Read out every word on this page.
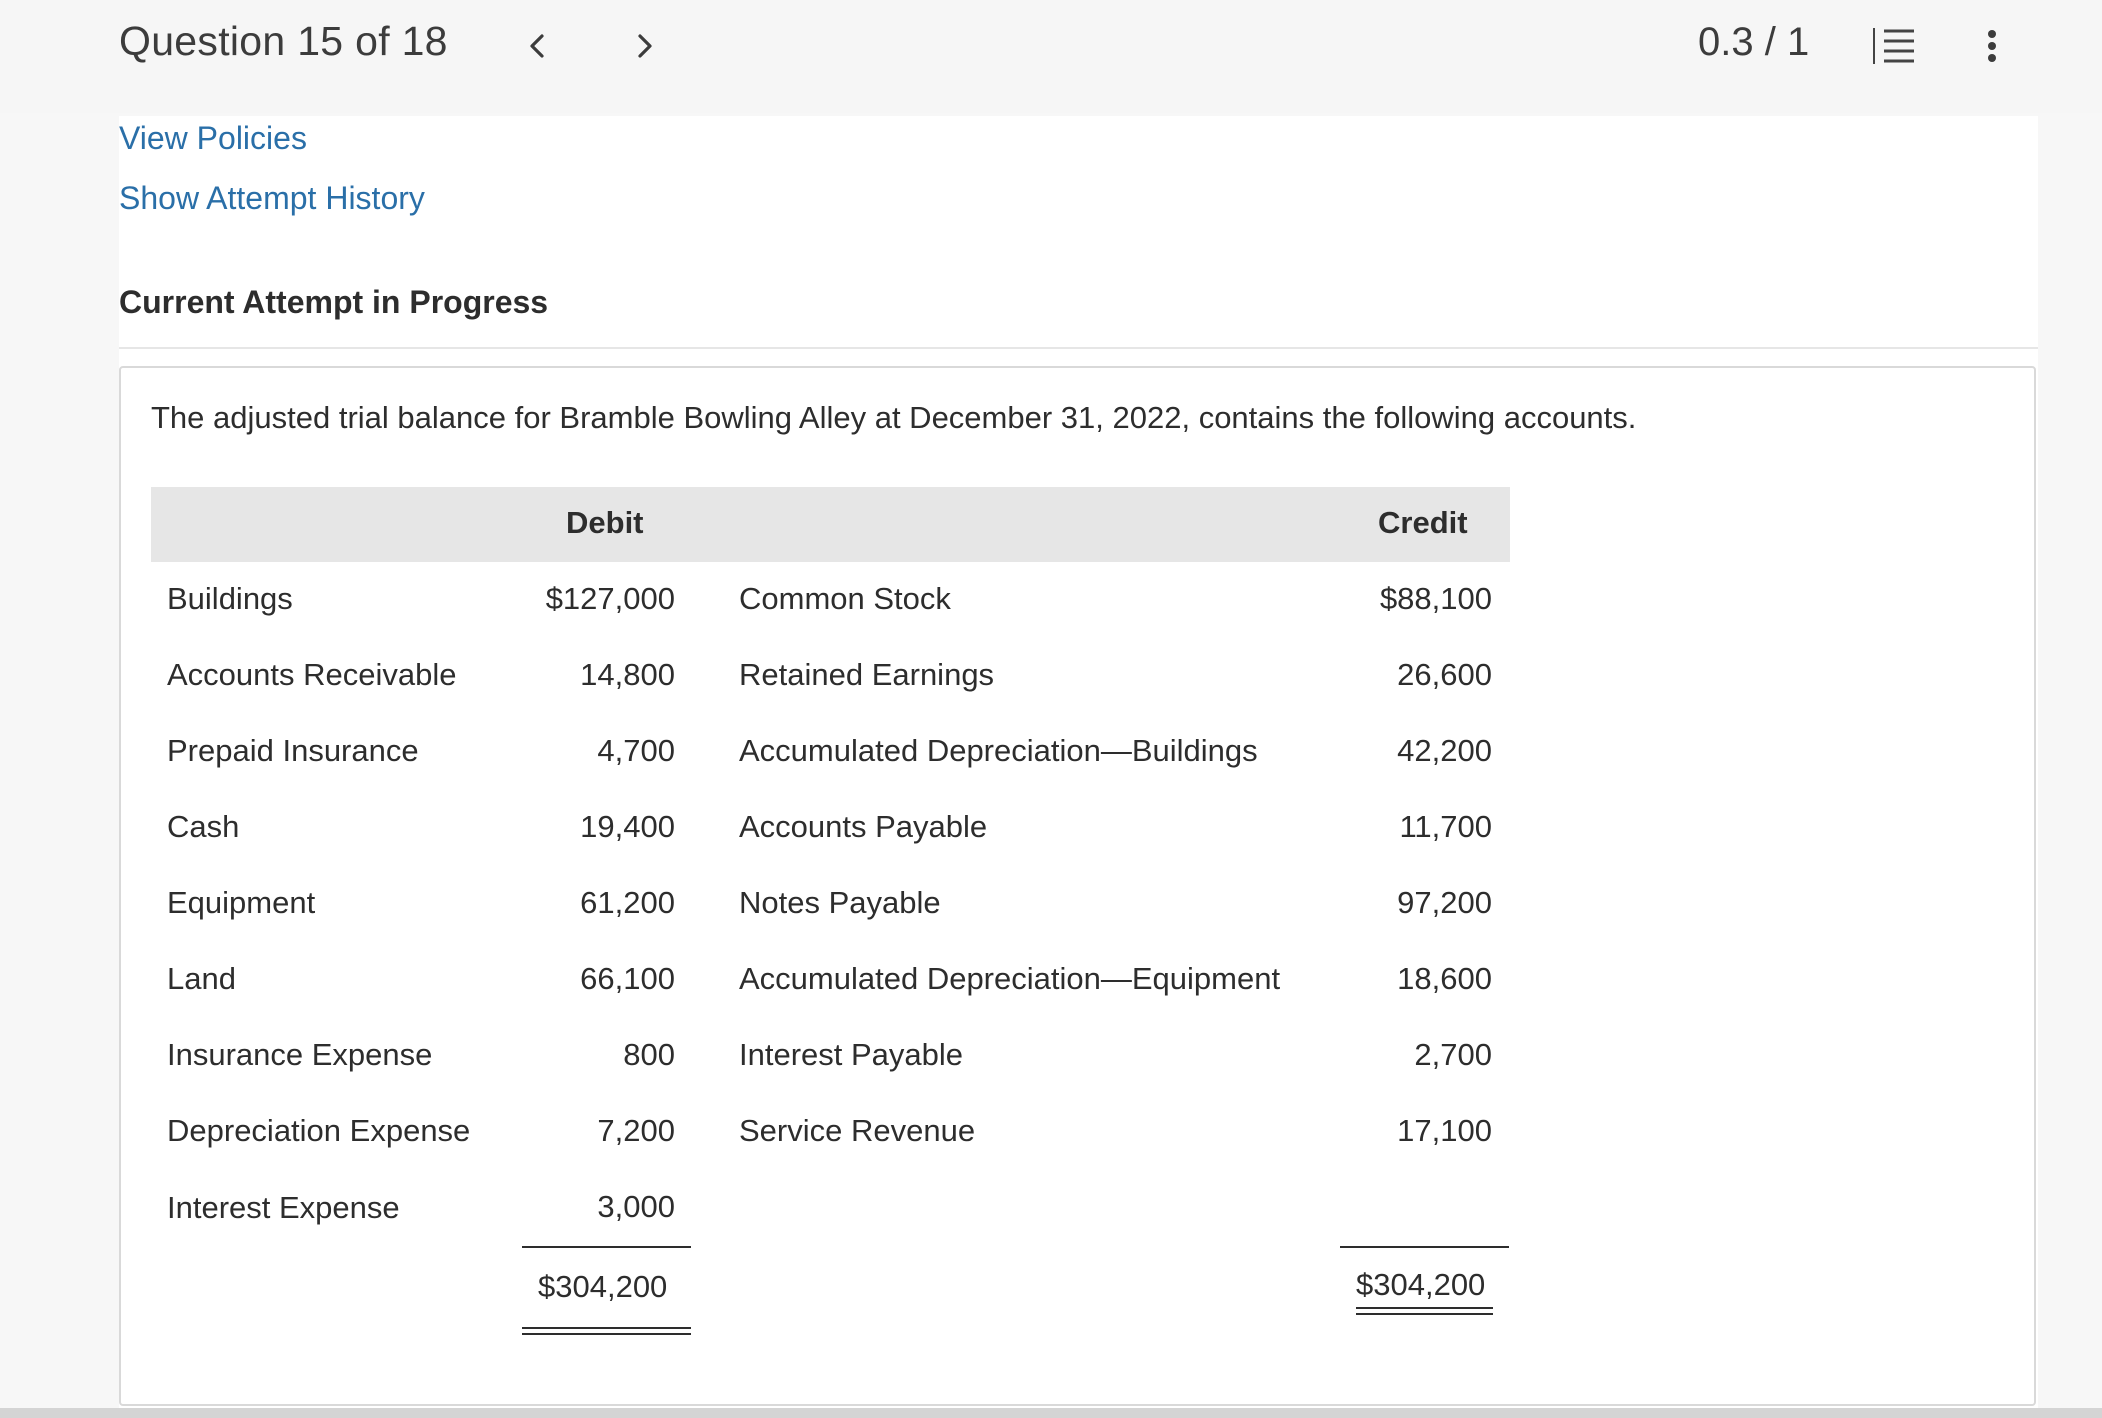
Question 15 of 18	0.3 / 1
View Policies
Show Attempt History
Current Attempt in Progress
The adjusted trial balance for Bramble Bowling Alley at December 31, 2022, contains the following accounts.
Debit	Credit
Buildings	$127,000 Common Stock	$88,100
Accounts Receivable	14,800 Retained Earnings	26,600
Prepaid Insurance	4,700 Accumulated Depreciation—Buildings	42,200
Cash	19,400 Accounts Payable	11,700
Equipment	61,200 Notes Payable	97,200
Land	66,100 Accumulated Depreciation—Equipment	18,600
Insurance Expense	800 Interest Payable	2,700
Depreciation Expense	7,200 Service Revenue	17,100
Interest Expense	3,000
$304,200	$304,200
